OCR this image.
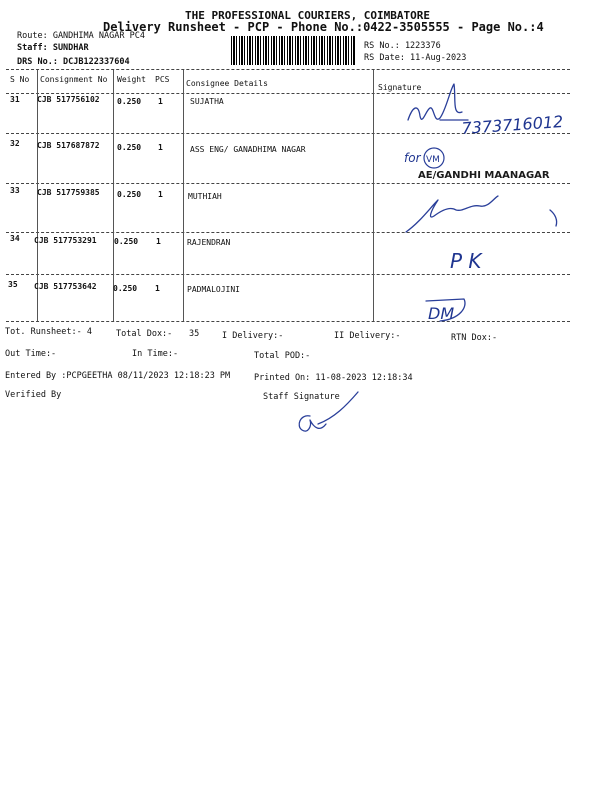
THE PROFESSIONAL COURIERS, COIMBATORE
Delivery Runsheet - PCP - Phone No.:0422-3505555 - Page No.:4
Route: GANDHIMA NAGAR PC4
Staff: SUNDHAR
DRS No.: DCJB122337604
RS No.: 1223376
RS Date: 11-Aug-2023
S No Consignment No Weight PCS Consignee Details	Signature
31 CJB 517756102 0.250 1	SUJATHA
32 CJB 517687872 0.250 1	ASS ENG/ GANADHIMA NAGAR
33 CJB 517759385 0.250 1	MUTHIAH
34 CJB 517753291 0.250 1	RAJENDRAN
35 CJB 517753642 0.250 1	PADMALOJINI
7373716012
for VM
AE/GANDHI MAANAGAR
P K
DM
Tot. Runsheet:- 4	Total Dox:- 35	I Delivery:-	II Delivery:-	RTN Dox:-
Out Time:-	In Time:-	Total POD:-
Entered By :PCPGEETHA 08/11/2023 12:18:23 PM	Printed On: 11-08-2023 12:18:34
Verified By	Staff Signature
